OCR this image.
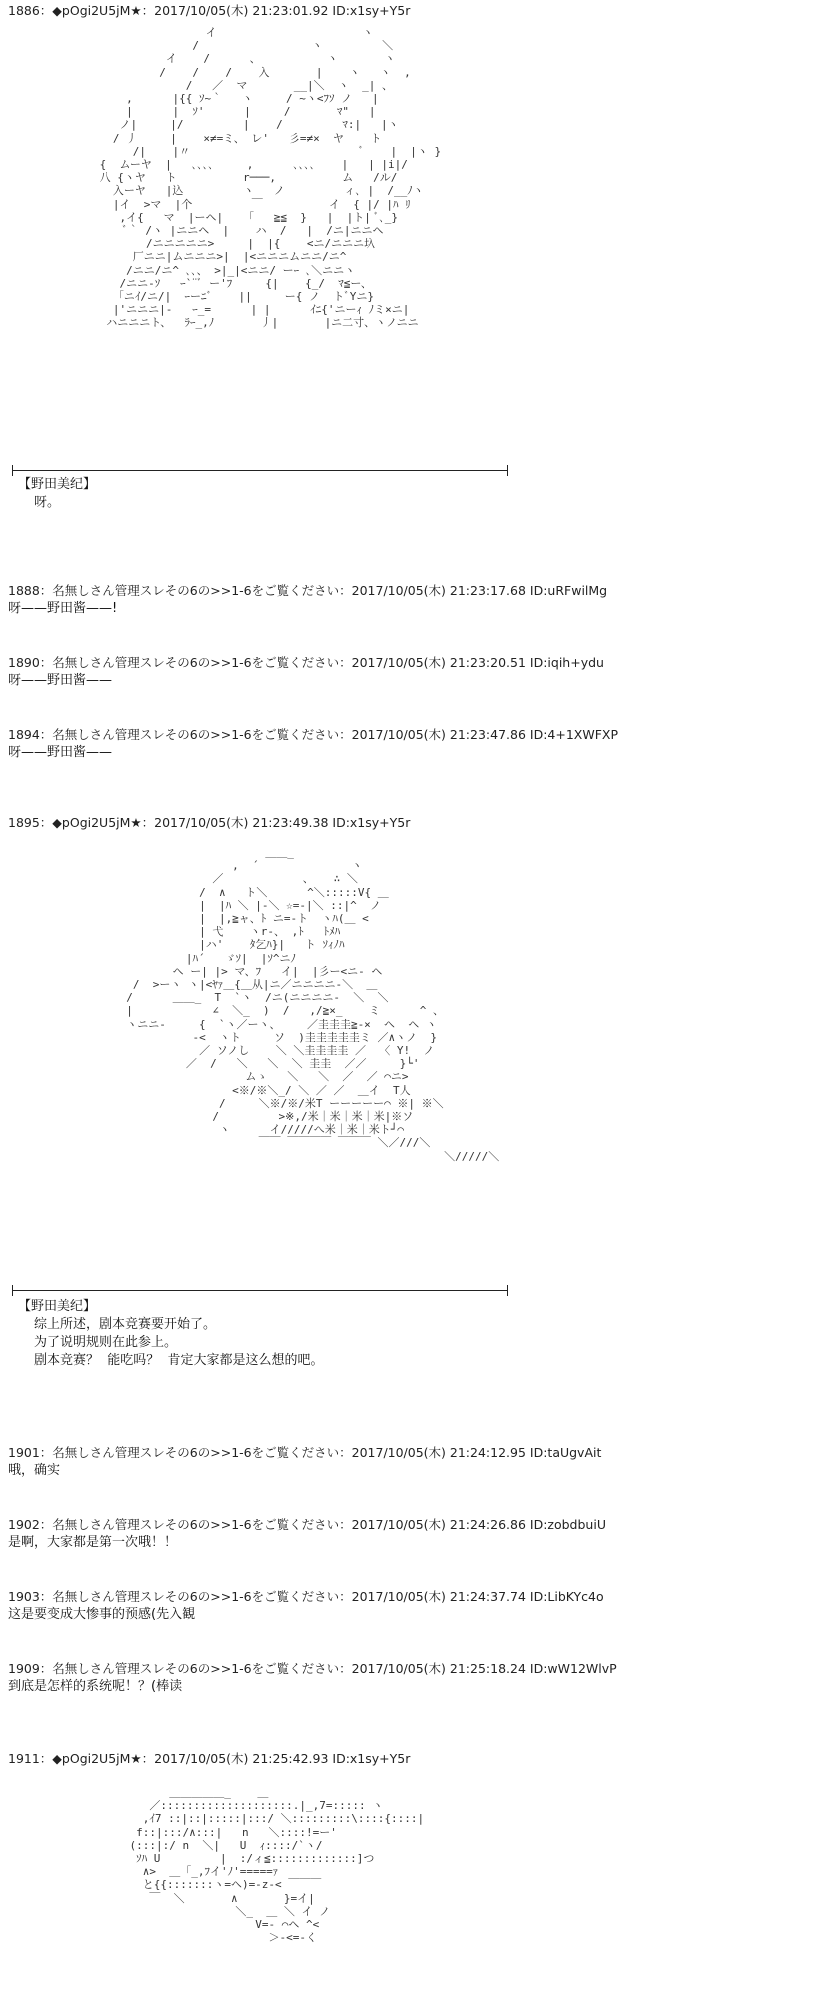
1886：◆pOgi2U5jM★：2017/10/05(木) 21:23:01.92 ID:x1sy+Y5r
イ                      ヽ
/                 ヽ         ＼
イ    /      、          ヽ       ヽ
/    /    /    入       |    ヽ   ヽ  ,
/   ／  マ       __|＼  ヽ  _| 、
,      |{{ ｿ~｀   ヽ     / ~ヽ<ﾌｿ ノ   |
|      |  ｿ'      |     /       ﾏ"   |
ノ|     |/         |    /         ﾏ:|   |ヽ
/ 丿     |    ×≠=ミ、 レ'   彡=≠×  ヤ    ト
/|    |〃                          ﾞ    |  |ヽ }
{  ムーヤ  |   ､､､､     ,      ､､､､    |   | |i|/
八 {ヽヤ   ト          r───,          ム   /ル/
入ーヤ   |込         ヽ   ノ         ィ､ |  /__ﾉヽ
|イ  >マ  |个         ￣          イ  { |/ |ﾊ ﾘ
,イ{   マ  |ーヘ|   「   ≧≦  }   |  |ト| ﾞ､_}
ﾞ｀ /ヽ |ニニヘ  |    ハ  /   |  /ニ|ニニヘ
/ニニニニニ>     |  |{    <ニ/ニニニ圦
厂ニニ|ムニニニ>|  |<ニニニムニニ/ニ^
/ニニ/ニ^ ､､、 >|_|<ニニ/ ーｰ ､＼ニニヽ
/ニニ-ｿ   ｰ`¨ﾞ ー'ﾌ     {|    {_/  ﾏ≦ー、
「ニｲ/ニ/|  ｰーﾆﾞ    ||     ー{ ノ  トﾞYニ}
|'ニニニ|-   ｰ_=      | |      ｲﾆ{'ニーｨ ﾉミ×ニ|
ハニニニト、  ﾗｰ_,ﾉ       丿|       |ニ二寸、ヽノニニ
【野田美纪】
呀。
1888：名無しさん管理スレその6の>>1-6をご覧ください：2017/10/05(木) 21:23:17.68 ID:uRFwilMg
呀——野田酱——!
1890：名無しさん管理スレその6の>>1-6をご覧ください：2017/10/05(木) 21:23:20.51 ID:iqih+ydu
呀——野田酱——
1894：名無しさん管理スレその6の>>1-6をご覧ください：2017/10/05(木) 21:23:47.86 ID:4+1XWFXP
呀——野田酱——
1895：◆pOgi2U5jM★：2017/10/05(木) 21:23:49.38 ID:x1sy+Y5r
＿＿_
,  ´              ヽ
／            、   ∴ ＼
/  ∧   ト＼      ^＼:::::V{ ＿
|  |ﾊ ＼ |-＼ ☆=-|＼ ::|^  ノ
|  |,≧ャ、ﾄ ニ=-ト  ヽﾊ(＿ <
| 弋    ヽr-、 ,ﾄ   ﾄﾒﾊ
|ハ'    ﾀ乞ﾊ}|   ト ｿｨﾉﾊ
|ﾊ´   ゞｿ|  |ｿ^ニﾉ
ヘ ー| |> マ、ﾌ   イ|  |彡ー<ニ- ヘ
/  >ーヽ ヽ|<ﾔｧ＿{＿从|ニ／ニニニニ-＼  ＿
/      ＿＿_  T  `ヽ  /ニ(ニニニニ-  ＼  ＼
|            ∠  ＼_  )  /   ,/≧×_    ミ      ^ 、
ヽニニ-     {  `ヽ／ーヽ、    ／圭圭圭≧-×  ヘ  ヘ ヽ
-<  ヽト     ソ  )圭圭圭圭圭ミ ／∧ヽノ  }
／ ソノし    ＼ ＼圭圭圭圭 ／  〈 Y!  ノ
／  /   ＼   ＼  ＼ 圭圭  ／／     }└'
ムゝ   ＼   ＼  ／  ／ ⌒ニ>
<※/※＼_/ ＼ ／ ／  ＿イ  T人
/     ＼※/※/米T ーーーーー⌒ ※| ※＼
/         >※,/米｜米｜米｜米|※ソ
ヽ      イ/////へ米｜米｜米ト┘⌒
￣￣ ￣￣￣￣ ￣￣￣ ＼／///＼
＼/////＼
【野田美纪】
综上所述，剧本竞赛要开始了。
为了说明规则在此参上。
剧本竞赛？  能吃吗？  肯定大家都是这么想的吧。
1901：名無しさん管理スレその6の>>1-6をご覧ください：2017/10/05(木) 21:24:12.95 ID:taUgvAit
哦，确实
1902：名無しさん管理スレその6の>>1-6をご覧ください：2017/10/05(木) 21:24:26.86 ID:zobdbuiU
是啊，大家都是第一次哦！！
1903：名無しさん管理スレその6の>>1-6をご覧ください：2017/10/05(木) 21:24:37.74 ID:LibKYc4o
这是要变成大惨事的预感(先入観
1909：名無しさん管理スレその6の>>1-6をご覧ください：2017/10/05(木) 21:25:18.24 ID:wW12WlvP
到底是怎样的系统呢！？(棒读
1911：◆pOgi2U5jM★：2017/10/05(木) 21:25:42.93 ID:x1sy+Y5r
＿＿＿＿＿_    ＿
／::::::::::::::::::::.|_,7=::::: ヽ
,ｲ7 ::|::|:::::|:::/ ＼:::::::::\::::{::::|
f::|:::/∧:::|   n   ＼::::!=ー'
(:::|:/ n  ＼|   U  ｨ::::/`ヽ/
ｿﾊ U         |  :/ィ≦:::::::::::::]つ
∧>  ＿「_,ﾌイ'ﾉ'=====ｧ
と{{:::::::ヽ=ヘ)=-z-< ￣￣￣
￣  ＼       ∧       }=イ|
＼_  ＿ ＼ イ ノ
V=- ⌒ヘ ^<
＞-<=-く
